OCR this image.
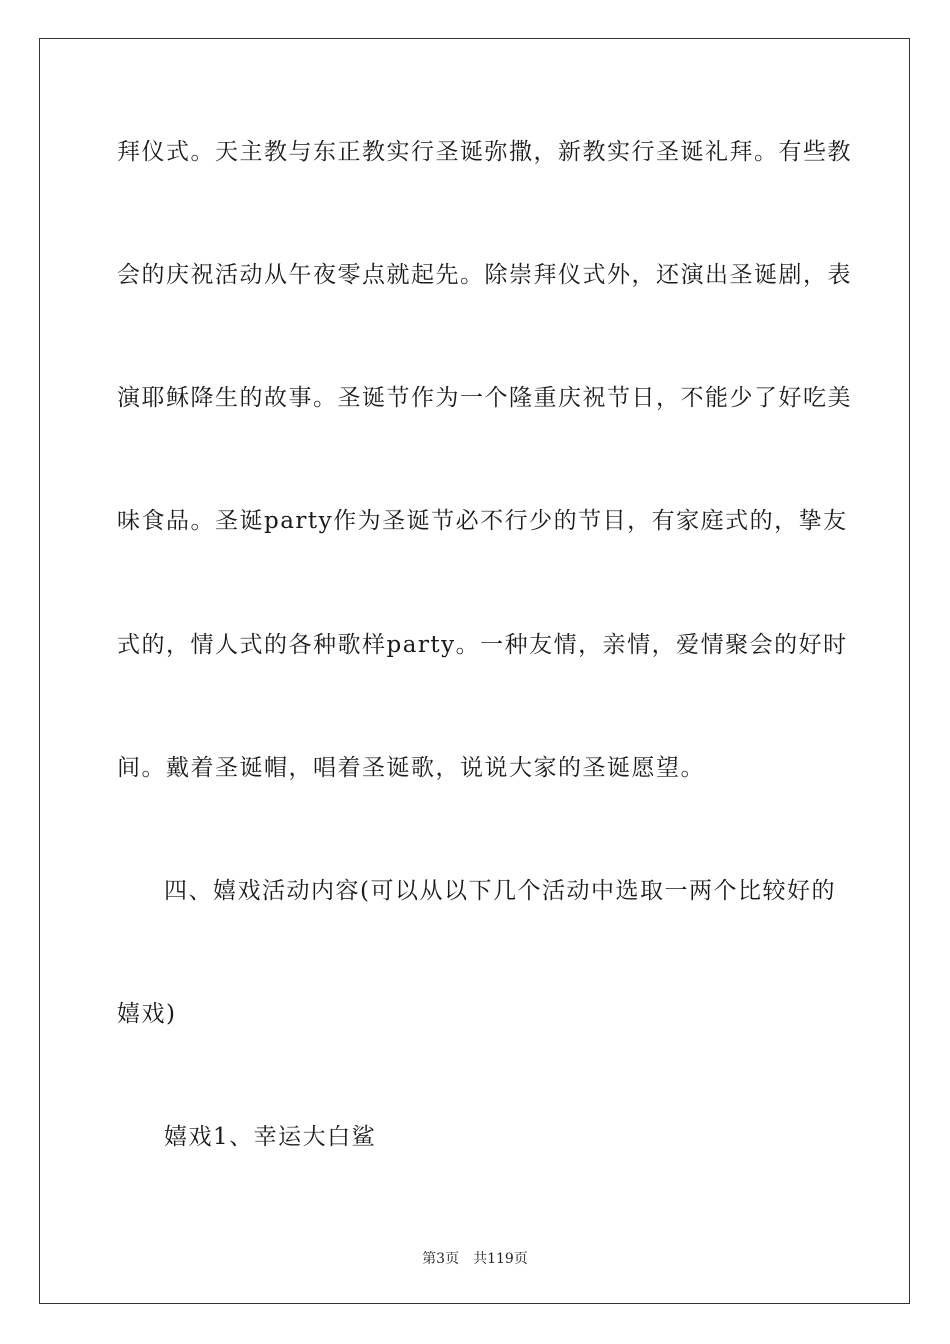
拜仪式。天主教与东正教实行圣诞弥撒，新教实行圣诞礼拜。有些教

会的庆祝活动从午夜零点就起先。除崇拜仪式外，还演出圣诞剧，表

演耶稣降生的故事。圣诞节作为一个隆重庆祝节日，不能少了好吃美

味食品。圣诞party作为圣诞节必不行少的节目，有家庭式的，挚友

式的，情人式的各种歌样party。一种友情，亲情，爱情聚会的好时

间。戴着圣诞帽，唱着圣诞歌，说说大家的圣诞愿望。

四、嬉戏活动内容(可以从以下几个活动中选取一两个比较好的

嬉戏)

嬉戏1、幸运大白鲨

第3页 共119页
